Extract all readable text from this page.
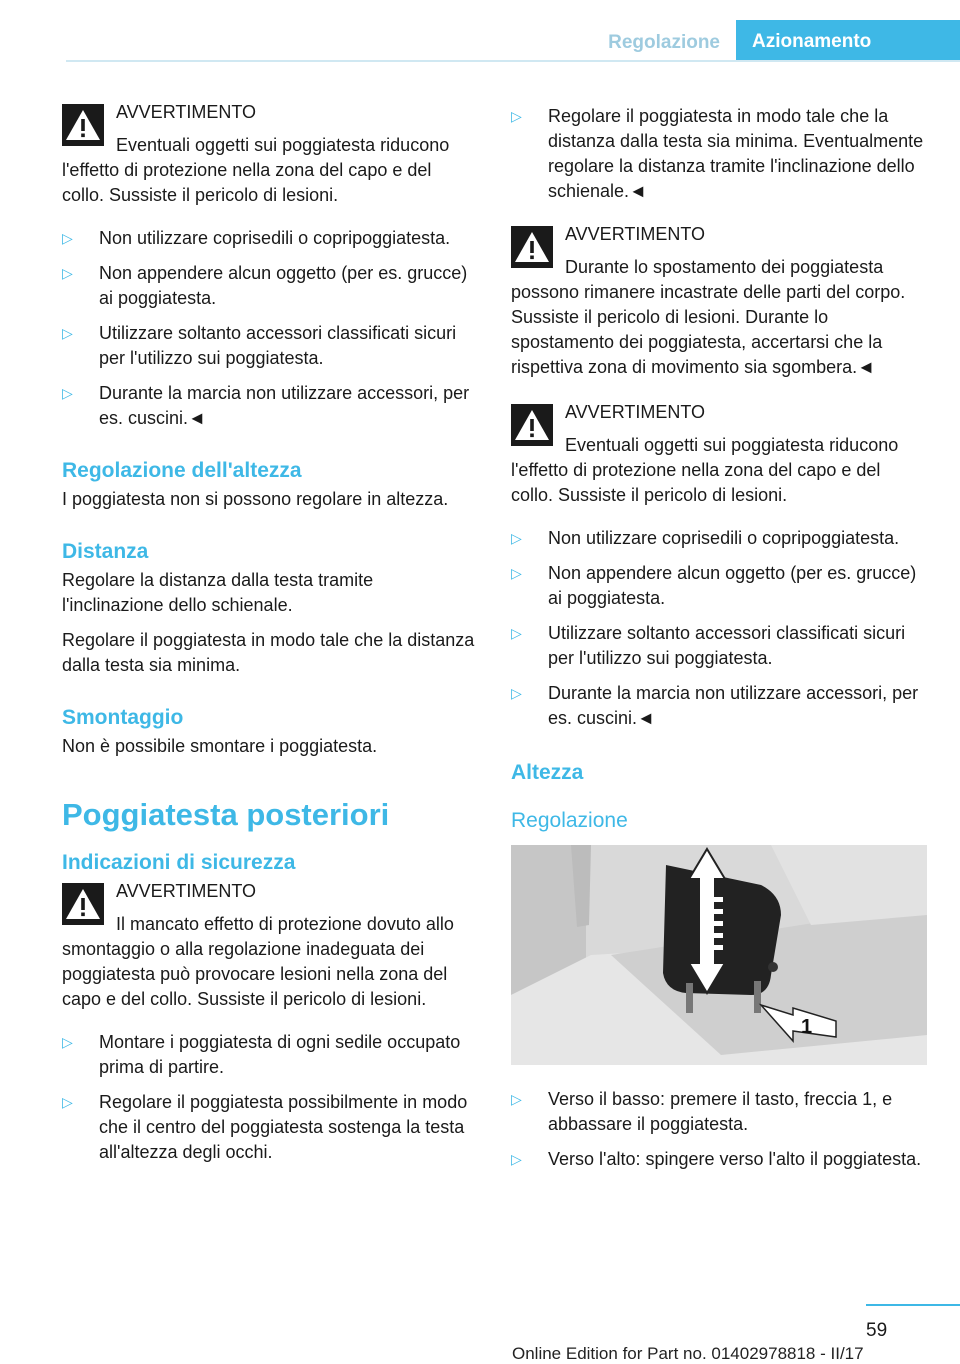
Regolazione	Azionamento
AVVERTIMENTO

Eventuali oggetti sui poggiatesta riducono l'effetto di protezione nella zona del capo e del collo. Sussiste il pericolo di lesioni.

▷ Non utilizzare coprisedili o copripoggiatesta.
▷ Non appendere alcun oggetto (per es. grucce) ai poggiatesta.
▷ Utilizzare soltanto accessori classificati sicuri per l'utilizzo sui poggiatesta.
▷ Durante la marcia non utilizzare accessori, per es. cuscini.◄
Regolazione dell'altezza

I poggiatesta non si possono regolare in altezza.

Distanza

Regolare la distanza dalla testa tramite l'inclinazione dello schienale.

Regolare il poggiatesta in modo tale che la distanza dalla testa sia minima.

Smontaggio

Non è possibile smontare i poggiatesta.

Poggiatesta posteriori
Indicazioni di sicurezza
AVVERTIMENTO

Il mancato effetto di protezione dovuto allo smontaggio o alla regolazione inadeguata dei poggiatesta può provocare lesioni nella zona del capo e del collo. Sussiste il pericolo di lesioni.

▷ Montare i poggiatesta di ogni sedile occupato prima di partire.
▷ Regolare il poggiatesta possibilmente in modo che il centro del poggiatesta sostenga la testa all'altezza degli occhi.
▷ Regolare il poggiatesta in modo tale che la distanza dalla testa sia minima. Eventualmente regolare la distanza tramite l'inclinazione dello schienale.◄
AVVERTIMENTO

Durante lo spostamento dei poggiatesta possono rimanere incastrate delle parti del corpo. Sussiste il pericolo di lesioni. Durante lo spostamento dei poggiatesta, accertarsi che la rispettiva zona di movimento sia sgombera.◄

AVVERTIMENTO

Eventuali oggetti sui poggiatesta riducono l'effetto di protezione nella zona del capo e del collo. Sussiste il pericolo di lesioni.

▷ Non utilizzare coprisedili o copripoggiatesta.
▷ Non appendere alcun oggetto (per es. grucce) ai poggiatesta.
▷ Utilizzare soltanto accessori classificati sicuri per l'utilizzo sui poggiatesta.
▷ Durante la marcia non utilizzare accessori, per es. cuscini.◄
Altezza
Regolazione
1
▷ Verso il basso: premere il tasto, freccia 1, e abbassare il poggiatesta.
▷ Verso l'alto: spingere verso l'alto il poggiatesta.
59
Online Edition for Part no. 01402978818 - II/17
